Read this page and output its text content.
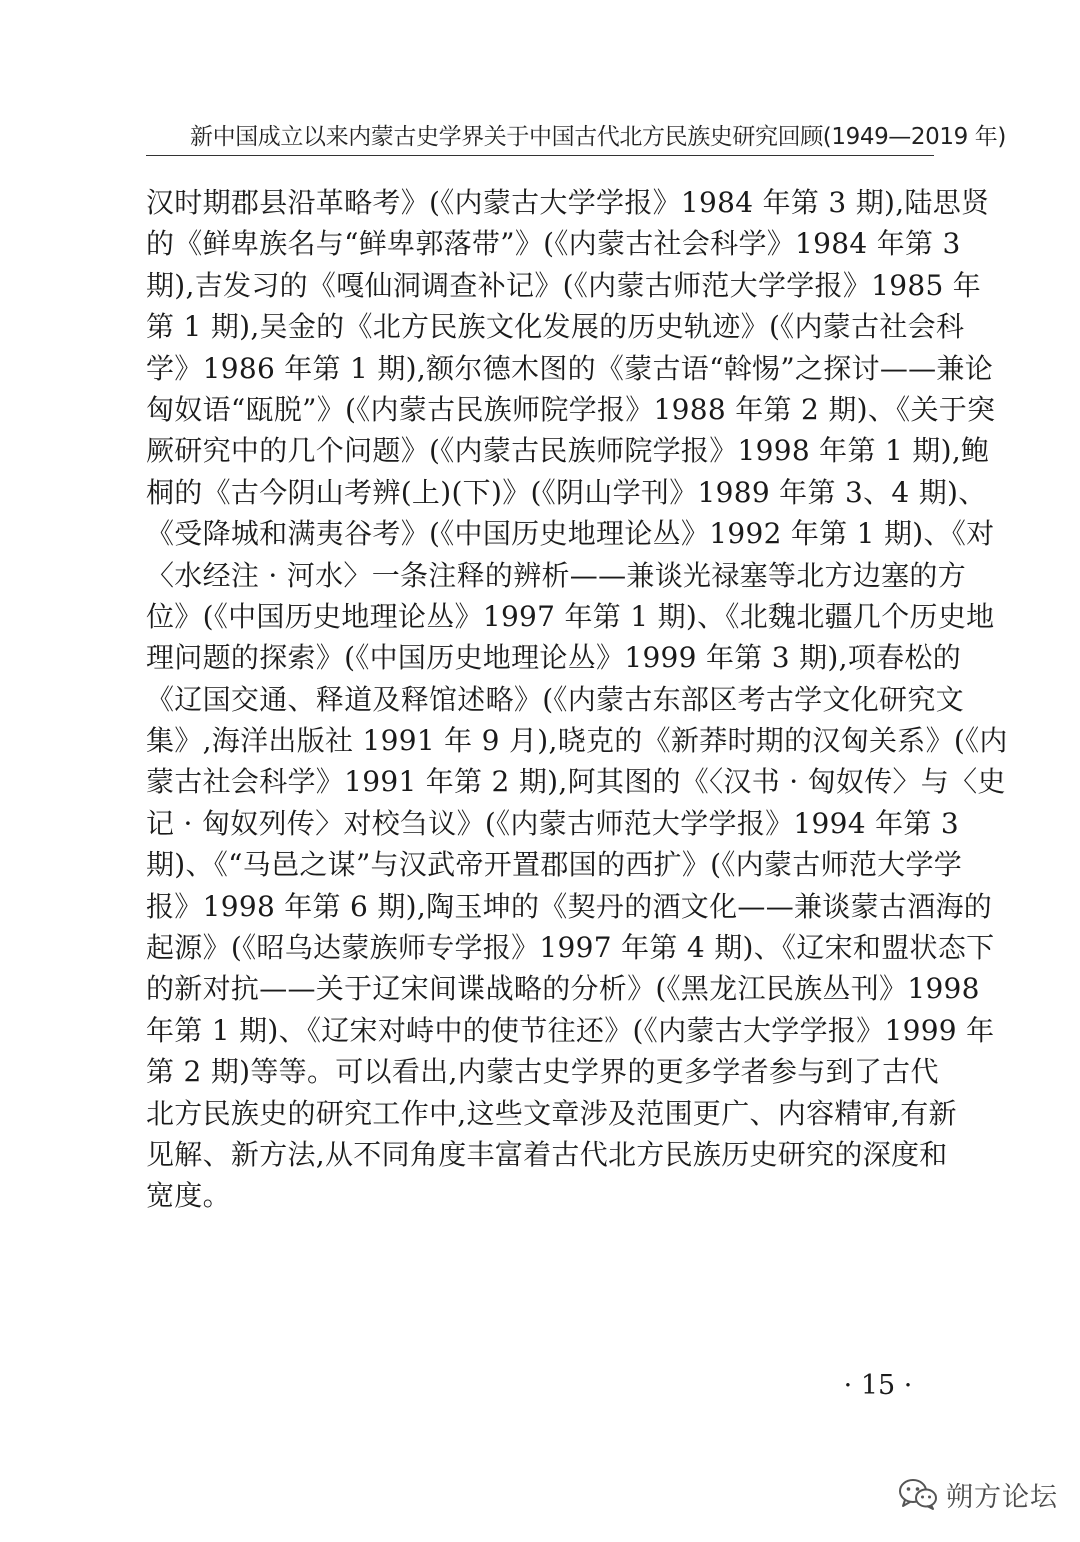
新中国成立以来内蒙古史学界关于中国古代北方民族史研究回顾(1949—2019 年)
汉时期郡县沿革略考》(《内蒙古大学学报》1984 年第 3 期),陆思贤
的《鲜卑族名与“鲜卑郭落带”》(《内蒙古社会科学》1984 年第 3
期),吉发习的《嘎仙洞调查补记》(《内蒙古师范大学学报》1985 年
第 1 期),吴金的《北方民族文化发展的历史轨迹》(《内蒙古社会科
学》1986 年第 1 期),额尔德木图的《蒙古语“斡惕”之探讨——兼论
匈奴语“瓯脱”》(《内蒙古民族师院学报》1988 年第 2 期)、《关于突
厥研究中的几个问题》(《内蒙古民族师院学报》1998 年第 1 期),鲍
桐的《古今阴山考辨(上)(下)》(《阴山学刊》1989 年第 3、4 期)、
《受降城和满夷谷考》(《中国历史地理论丛》1992 年第 1 期)、《对
〈水经注 · 河水〉一条注释的辨析——兼谈光禄塞等北方边塞的方
位》(《中国历史地理论丛》1997 年第 1 期)、《北魏北疆几个历史地
理问题的探索》(《中国历史地理论丛》1999 年第 3 期),项春松的
《辽国交通、释道及释馆述略》(《内蒙古东部区考古学文化研究文
集》,海洋出版社 1991 年 9 月),晓克的《新莽时期的汉匈关系》(《内
蒙古社会科学》1991 年第 2 期),阿其图的《〈汉书 · 匈奴传〉与〈史
记 · 匈奴列传〉对校刍议》(《内蒙古师范大学学报》1994 年第 3
期)、《“马邑之谋”与汉武帝开置郡国的西扩》(《内蒙古师范大学学
报》1998 年第 6 期),陶玉坤的《契丹的酒文化——兼谈蒙古酒海的
起源》(《昭乌达蒙族师专学报》1997 年第 4 期)、《辽宋和盟状态下
的新对抗——关于辽宋间谍战略的分析》(《黑龙江民族丛刊》1998
年第 1 期)、《辽宋对峙中的使节往还》(《内蒙古大学学报》1999 年
第 2 期)等等。可以看出,内蒙古史学界的更多学者参与到了古代
北方民族史的研究工作中,这些文章涉及范围更广、内容精审,有新
见解、新方法,从不同角度丰富着古代北方民族历史研究的深度和
宽度。
· 15 ·
朔方论坛
